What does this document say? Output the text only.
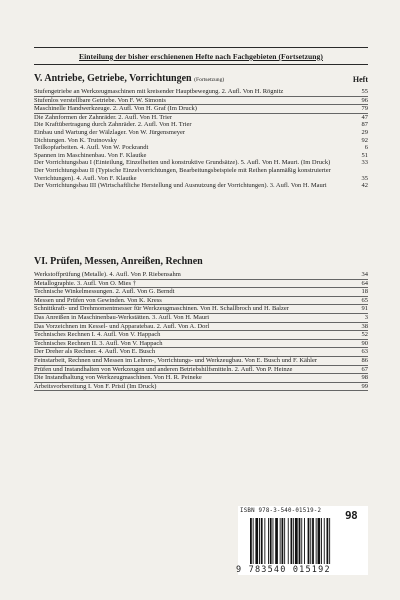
Einteilung der bisher erschienenen Hefte nach Fachgebieten (Fortsetzung)
V. Antriebe, Getriebe, Vorrichtungen (Fortsetzung)	Heft
Stufengetriebe an Werkzeugmaschinen mit kreisender Hauptbewegung. 2. Aufl. Von H. Rögnitz	55
Stufenlos verstellbare Getriebe. Von F. W. Simonis	96
Maschinelle Handwerkzeuge. 2. Aufl. Von H. Graf (Im Druck)	79
Die Zahnformen der Zahnräder. 2. Aufl. Von H. Trier	47
Die Kraftübertragung durch Zahnräder. 2. Aufl. Von H. Trier	87
Einbau und Wartung der Wälzlager. Von W. Jürgensmeyer	29
Dichtungen. Von K. Trutnovsky	92
Teilkopfarbeiten. 4. Aufl. Von W. Pockrandt	6
Spannen im Maschinenbau. Von F. Klautke	51
Der Vorrichtungsbau I (Einteilung, Einzelheiten und konstruktive Grundsätze). 5. Aufl. Von H. Mauri. (Im Druck)	33
Der Vorrichtungsbau II (Typische Einzelvorrichtungen, Bearbeitungsbeispiele mit Reihen planmäßig konstruierter Vorrichtungen). 4. Aufl. Von F. Klautke	35
Der Vorrichtungsbau III (Wirtschaftliche Herstellung und Ausnutzung der Vorrichtungen). 3. Aufl. Von H. Mauri	42
VI. Prüfen, Messen, Anreißen, Rechnen
Werkstoffprüfung (Metalle). 4. Aufl. Von P. Riebensahm	34
Metallographie. 3. Aufl. Von O. Mies †	64
Technische Winkelmessungen. 2. Aufl. Von G. Berndt	18
Messen und Prüfen von Gewinden. Von K. Kress	65
Schnittkraft- und Drehmomentmesser für Werkzeugmaschinen. Von H. Schallbroch und H. Balzer	91
Das Anreißen in Maschinenbau-Werkstätten. 3. Aufl. Von H. Mauri	3
Das Vorzeichnen im Kessel- und Apparatebau. 2. Aufl. Von A. Dorl	38
Technisches Rechnen I. 4. Aufl. Von V. Happach	52
Technisches Rechnen II. 3. Aufl. Von V. Happach	90
Der Dreher als Rechner. 4. Aufl. Von E. Busch	63
Feinstarbeit, Rechnen und Messen im Lehren-, Vorrichtungs- und Werkzeugbau. Von E. Busch und F. Kähler	86
Prüfen und Instandhalten von Werkzeugen und anderen Betriebshilfsmitteln. 2. Aufl. Von P. Heinze	67
Die Instandhaltung von Werkzeugmaschinen. Von H. R. Peineke	98
Arbeitsvorbereitung I. Von F. Pristl (Im Druck)	99
ISBN 978-3-540-01519-2 98
9 783540 015192
